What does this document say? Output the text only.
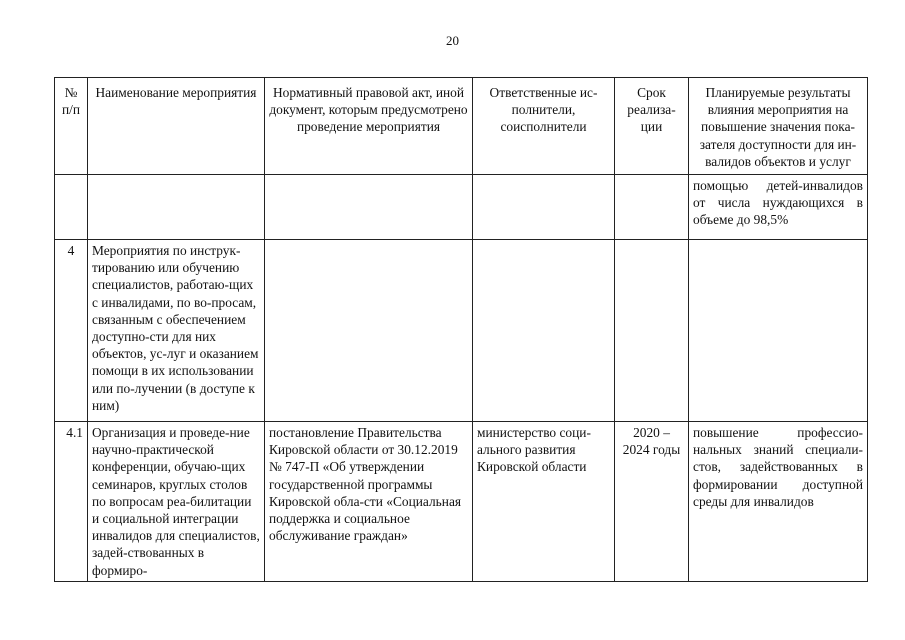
20
№ п/п	Наименование мероприятия	Нормативный правовой акт, иной документ, которым предусмотрено проведение мероприятия	Ответственные ис-полнители, соисполнители	Срок реализа-ции	Планируемые результаты влияния мероприятия на повышение значения пока-зателя доступности для ин-валидов объектов и услуг
					помощью детей-инвалидов от числа нуждающихся в объеме до 98,5%
4	Мероприятия по инструк-тированию или обучению специалистов, работаю-щих с инвалидами, по во-просам, связанным с обеспечением доступно-сти для них объектов, ус-луг и оказанием помощи в их использовании или по-лучении (в доступе к ним)				
4.1	Организация и проведе-ние научно-практической конференции, обучаю-щих семинаров, круглых столов по вопросам реа-билитации и социальной интеграции инвалидов для специалистов, задей-ствованных в формиро-	постановление Правительства Кировской области от 30.12.2019 № 747-П «Об утверждении государственной программы Кировской обла-сти «Социальная поддержка и социальное обслуживание граждан»	министерство соци-ального развития Кировской области	2020 – 2024 годы	повышение профессио-нальных знаний специали-стов, задействованных в формировании доступной среды для инвалидов
